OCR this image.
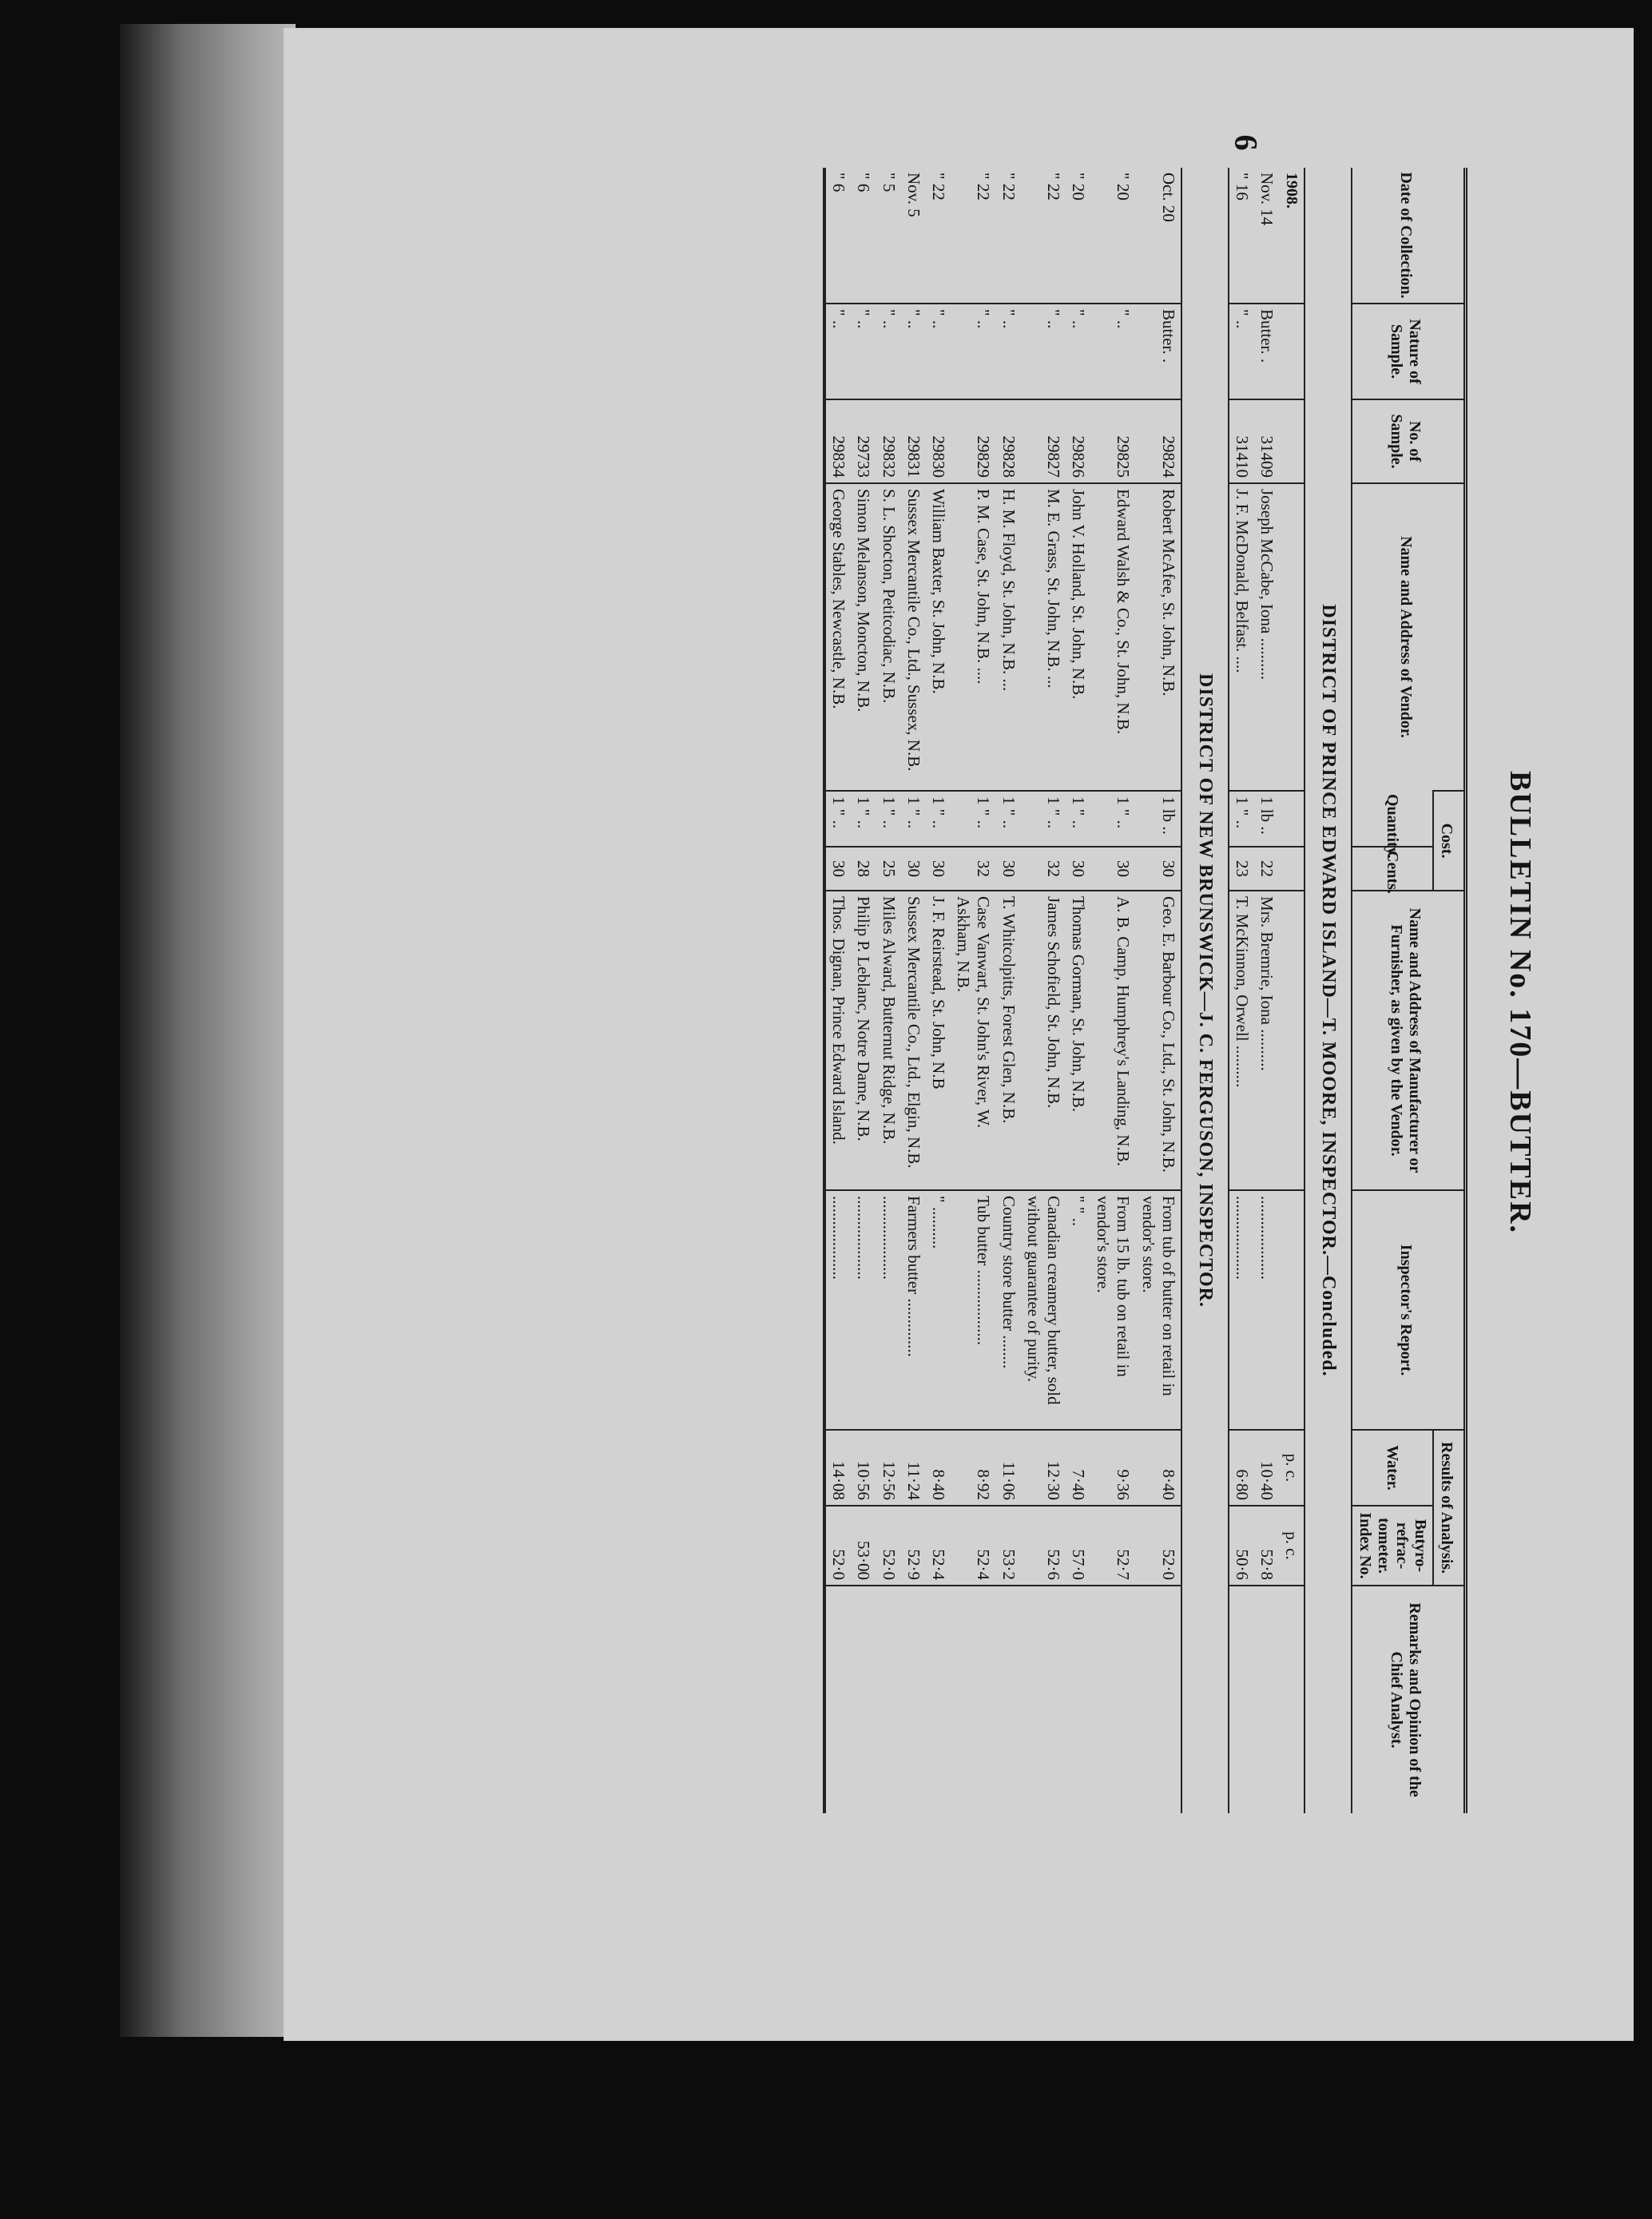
6
BULLETIN No. 170—BUTTER.
Date of Collection.	Nature of Sample.	No. of Sample.	Name and Address of Vendor.	Cost.		Name and Address of Manufacturer or Furnisher, as given by the Vendor.	Inspector's Report.	Results of Analysis.		Remarks and Opinion of the Chief Analyst.
				Quantity.	Cents.			Water.	Butyro-refrac-tometer. Index No.	
DISTRICT OF PRINCE EDWARD ISLAND—T. MOORE, INSPECTOR.—Concluded.										
1908.								p. c.	p. c.	
Nov. 14	Butter. .	31409	Joseph McCabe, Iona ..........	1 lb ..	22	Mrs. Bremrie, Iona ..........	....................	10·40	52·8	
" 16	" ..	31410	J. F. McDonald, Belfast. ....	1 " ..	23	T. McKinnon, Orwell ..........	....................	6·80	50·6	
DISTRICT OF NEW BRUNSWICK—J. C. FERGUSON, INSPECTOR.										
Oct. 20	Butter. .	29824	Robert McAfee, St. John, N.B.	1 lb ..	30	Geo. E. Barbour Co., Ltd., St. John, N.B.	From tub of butter on retail in vendor's store.	8·40	52·0	
" 20	" ..	29825	Edward Walsh & Co., St. John, N.B.	1 " ..	30	A. B. Camp, Humphrey's Landing, N.B.	From 15 lb. tub on retail in vendor's store.	9·36	52·7	
" 20	" ..	29826	John V. Holland, St. John, N.B.	1 " ..	30	Thomas Gorman, St. John, N.B.	" " ..	7·40	57·0	
" 22	" ..	29827	M. E. Grass, St. John, N.B. ...	1 " ..	32	James Schofield, St. John, N.B.	Canadian creamery butter, sold without guarantee of purity.	12·30	52·6	
" 22	" ..	29828	H. M. Floyd, St. John, N.B. ...	1 " ..	30	T. Whitcolpitts, Forest Glen, N.B.	Country store butter ........	11·06	53·2	
" 22	" ..	29829	P. M. Case, St. John, N.B. ....	1 " ..	32	Case Vanwart, St. John's River, W. Askham, N.B.	Tub butter ..................	8·92	52·4	
" 22	" ..	29830	William Baxter, St. John, N.B.	1 " ..	30	J. F. Reirstead, St. John, N.B	" ..........	8·40	52·4	
Nov. 5	" ..	29831	Sussex Mercantile Co., Ltd., Sussex, N.B.	1 " ..	30	Sussex Mercantile Co., Ltd., Elgin, N.B.	Farmers butter ..............	11·24	52·9	
" 5	" ..	29832	S. L. Shocton, Petitcodiac, N.B.	1 " ..	25	Miles Alward, Butternut Ridge, N.B.	....................	12·56	52·0	
" 6	" ..	29733	Simon Melanson, Moncton, N.B.	1 " ..	28	Philip P. Leblanc, Notre Dame, N.B.	....................	10·56	53·00	
" 6	" ..	29834	George Stables, Newcastle, N.B.	1 " ..	30	Thos. Dignan, Prince Edward Island.	....................	14·08	52·0	
